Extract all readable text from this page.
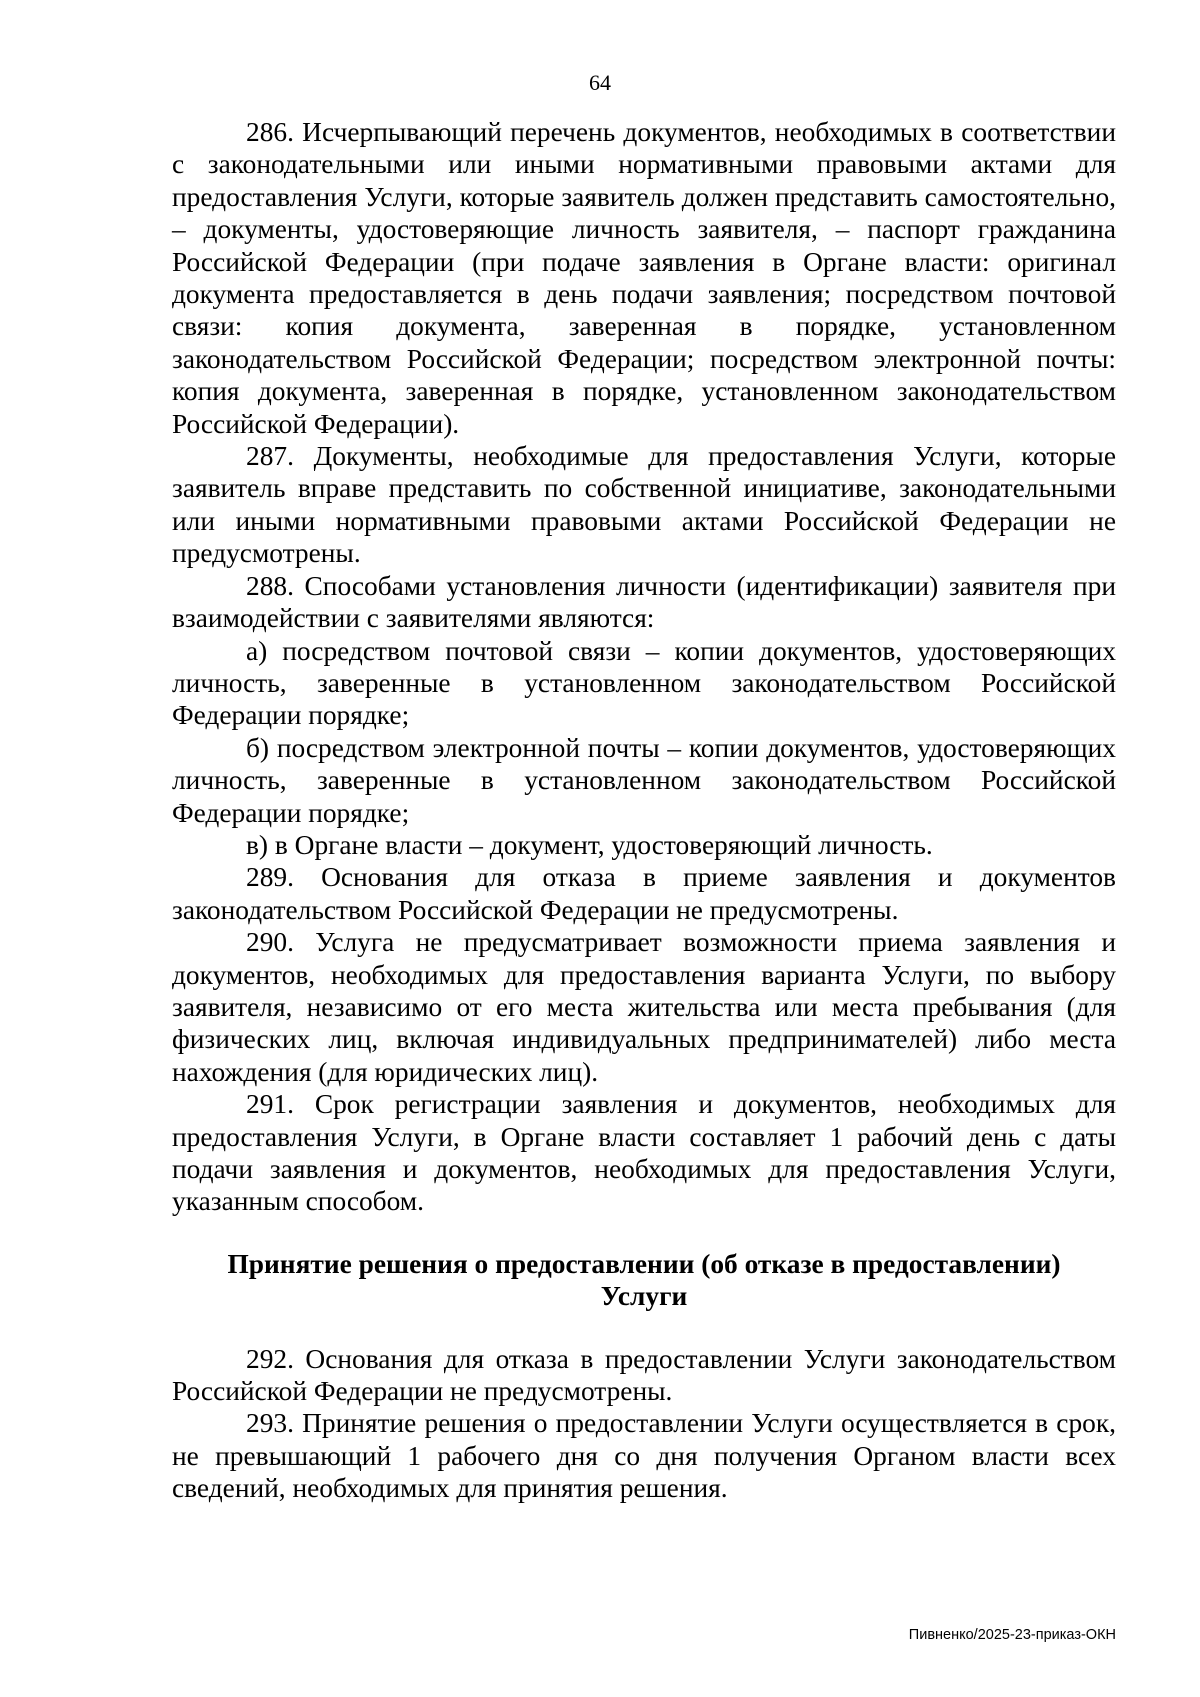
64

286. Исчерпывающий перечень документов, необходимых в соответствии с законодательными или иными нормативными правовыми актами для предоставления Услуги, которые заявитель должен представить самостоятельно, – документы, удостоверяющие личность заявителя, – паспорт гражданина Российской Федерации (при подаче заявления в Органе власти: оригинал документа предоставляется в день подачи заявления; посредством почтовой связи: копия документа, заверенная в порядке, установленном законодательством Российской Федерации; посредством электронной почты: копия документа, заверенная в порядке, установленном законодательством Российской Федерации).

287. Документы, необходимые для предоставления Услуги, которые заявитель вправе представить по собственной инициативе, законодательными или иными нормативными правовыми актами Российской Федерации не предусмотрены.

288. Способами установления личности (идентификации) заявителя при взаимодействии с заявителями являются:

а) посредством почтовой связи – копии документов, удостоверяющих личность, заверенные в установленном законодательством Российской Федерации порядке;

б) посредством электронной почты – копии документов, удостоверяющих личность, заверенные в установленном законодательством Российской Федерации порядке;

в) в Органе власти – документ, удостоверяющий личность.

289. Основания для отказа в приеме заявления и документов законодательством Российской Федерации не предусмотрены.

290. Услуга не предусматривает возможности приема заявления и документов, необходимых для предоставления варианта Услуги, по выбору заявителя, независимо от его места жительства или места пребывания (для физических лиц, включая индивидуальных предпринимателей) либо места нахождения (для юридических лиц).

291. Срок регистрации заявления и документов, необходимых для предоставления Услуги, в Органе власти составляет 1 рабочий день с даты подачи заявления и документов, необходимых для предоставления Услуги, указанным способом.

Принятие решения о предоставлении (об отказе в предоставлении)
Услуги

292. Основания для отказа в предоставлении Услуги законодательством Российской Федерации не предусмотрены.

293. Принятие решения о предоставлении Услуги осуществляется в срок, не превышающий 1 рабочего дня со дня получения Органом власти всех сведений, необходимых для принятия решения.

Пивненко/2025-23-приказ-ОКН
